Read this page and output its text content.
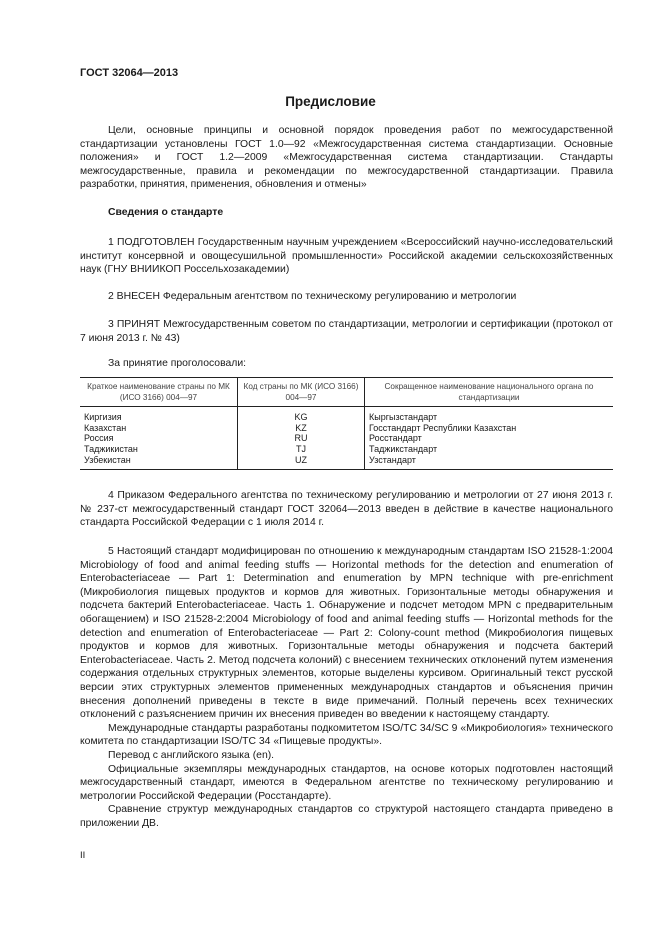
ГОСТ 32064—2013
Предисловие
Цели, основные принципы и основной порядок проведения работ по межгосударственной стандартизации установлены ГОСТ 1.0—92 «Межгосударственная система стандартизации. Основные положения» и ГОСТ 1.2—2009 «Межгосударственная система стандартизации. Стандарты межгосударственные, правила и рекомендации по межгосударственной стандартизации. Правила разработки, принятия, применения, обновления и отмены»
Сведения о стандарте
1 ПОДГОТОВЛЕН Государственным научным учреждением «Всероссийский научно-исследовательский институт консервной и овощесушильной промышленности» Российской академии сельскохозяйственных наук (ГНУ ВНИИКОП Россельхозакадемии)
2 ВНЕСЕН Федеральным агентством по техническому регулированию и метрологии
3 ПРИНЯТ Межгосударственным советом по стандартизации, метрологии и сертификации (протокол от 7 июня 2013 г. № 43)
За принятие проголосовали:
Краткое наименование страны по МК (ИСО 3166) 004—97	Код страны по МК (ИСО 3166) 004—97	Сокращенное наименование национального органа по стандартизации
Киргизия	KG	Кыргызстандарт
Казахстан	KZ	Госстандарт Республики Казахстан
Россия	RU	Росстандарт
Таджикистан	TJ	Таджикстандарт
Узбекистан	UZ	Узстандарт
4 Приказом Федерального агентства по техническому регулированию и метрологии от 27 июня 2013 г. № 237-ст межгосударственный стандарт ГОСТ 32064—2013 введен в действие в качестве национального стандарта Российской Федерации с 1 июля 2014 г.

5 Настоящий стандарт модифицирован по отношению к международным стандартам ISO 21528-1:2004 Microbiology of food and animal feeding stuffs — Horizontal methods for the detection and enumeration of Enterobacteriaceae — Part 1: Determination and enumeration by MPN technique with pre-enrichment (Микробиология пищевых продуктов и кормов для животных. Горизонтальные методы обнаружения и подсчета бактерий Enterobacteriaceae. Часть 1. Обнаружение и подсчет методом MPN с предварительным обогащением) и ISO 21528-2:2004 Microbiology of food and animal feeding stuffs — Horizontal methods for the detection and enumeration of Enterobacteriaceae — Part 2: Colony-count method (Микробиология пищевых продуктов и кормов для животных. Горизонтальные методы обнаружения и подсчета бактерий Enterobacteriaceae. Часть 2. Метод подсчета колоний) с внесением технических отклонений путем изменения содержания отдельных структурных элементов, которые выделены курсивом. Оригинальный текст русской версии этих структурных элементов примененных международных стандартов и объяснения причин внесения дополнений приведены в тексте в виде примечаний. Полный перечень всех технических отклонений с разъяснением причин их внесения приведен во введении к настоящему стандарту.

Международные стандарты разработаны подкомитетом ISO/TC 34/SC 9 «Микробиология» технического комитета по стандартизации ISO/TC 34 «Пищевые продукты».

Перевод с английского языка (en).

Официальные экземпляры международных стандартов, на основе которых подготовлен настоящий межгосударственный стандарт, имеются в Федеральном агентстве по техническому регулированию и метрологии Российской Федерации (Росстандарте).

Сравнение структур международных стандартов со структурой настоящего стандарта приведено в приложении ДВ.

II
